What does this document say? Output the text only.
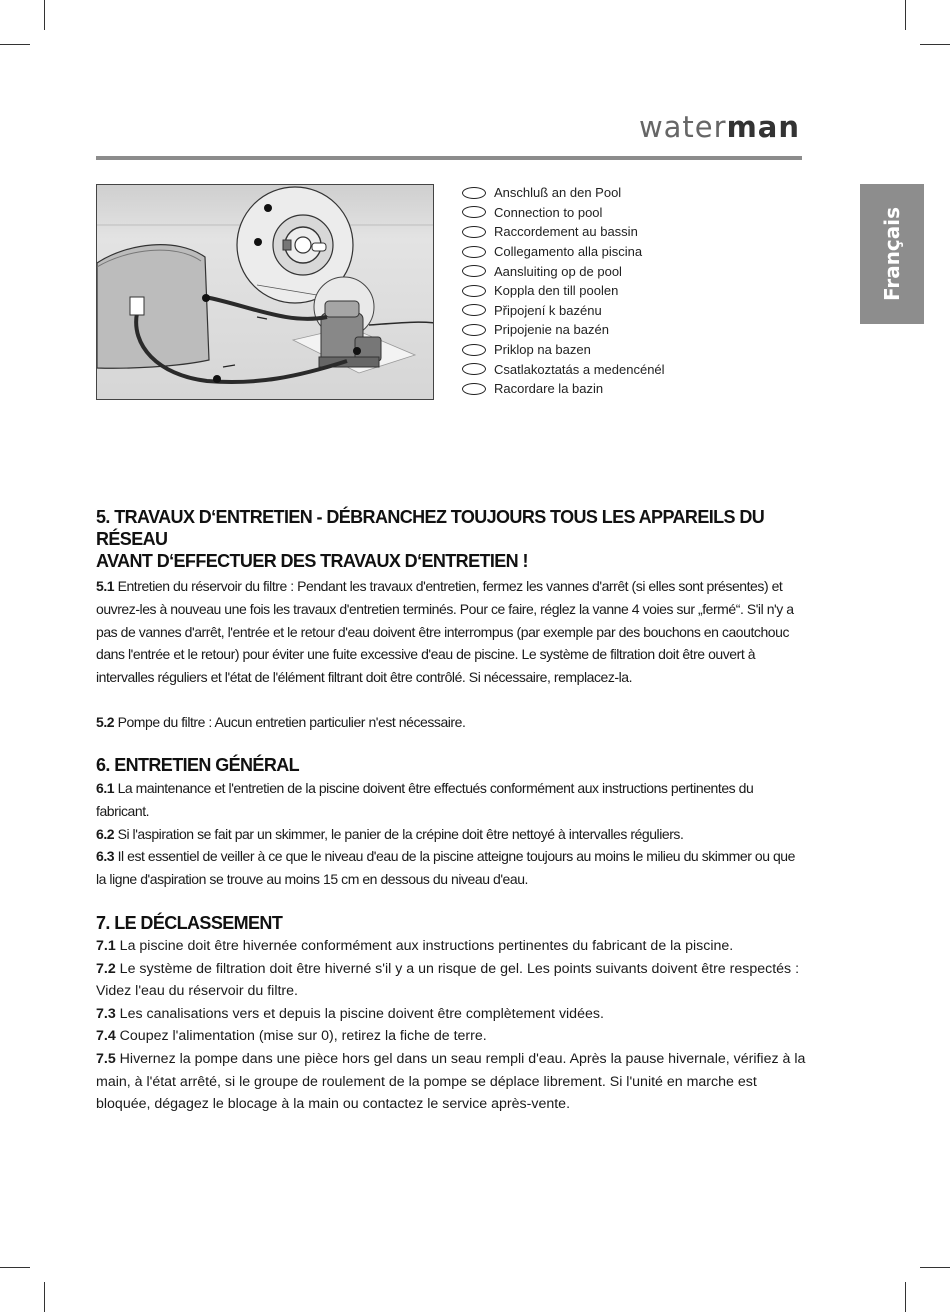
waterman
Français
Anschluß an den Pool
Connection to pool
Raccordement au bassin
Collegamento alla piscina
Aansluiting op de pool
Koppla den till poolen
Připojení k bazénu
Pripojenie na bazén
Priklop na bazen
Csatlakoztatás a medencénél
Racordare la bazin
5. TRAVAUX D‘ENTRETIEN - DÉBRANCHEZ TOUJOURS TOUS LES APPAREILS DU RÉSEAU
AVANT D‘EFFECTUER DES TRAVAUX D‘ENTRETIEN !

5.1 Entretien du réservoir du filtre : Pendant les travaux d'entretien, fermez les vannes d'arrêt (si elles sont présentes) et ouvrez-les à nouveau une fois les travaux d'entretien terminés. Pour ce faire, réglez la vanne 4 voies sur „fermé“. S'il n'y a pas de vannes d'arrêt, l'entrée et le retour d'eau doivent être interrompus (par exemple par des bouchons en caoutchouc dans l'entrée et le retour) pour éviter une fuite excessive d'eau de piscine. Le système de filtration doit être ouvert à intervalles réguliers et l'état de l'élément filtrant doit être contrôlé. Si nécessaire, remplacez-la.

5.2 Pompe du filtre : Aucun entretien particulier n'est nécessaire.

6. ENTRETIEN GÉNÉRAL

6.1 La maintenance et l'entretien de la piscine doivent être effectués conformément aux instructions pertinentes du fabricant.

6.2 Si l'aspiration se fait par un skimmer, le panier de la crépine doit être nettoyé à intervalles réguliers.

6.3 Il est essentiel de veiller à ce que le niveau d'eau de la piscine atteigne toujours au moins le milieu du skimmer ou que la ligne d'aspiration se trouve au moins 15 cm en dessous du niveau d'eau.

7. LE DÉCLASSEMENT

7.1 La piscine doit être hivernée conformément aux instructions pertinentes du fabricant de la piscine.

7.2 Le système de filtration doit être hiverné s'il y a un risque de gel. Les points suivants doivent être respectés : Videz l'eau du réservoir du filtre.

7.3 Les canalisations vers et depuis la piscine doivent être complètement vidées.

7.4 Coupez l'alimentation (mise sur 0), retirez la fiche de terre.

7.5 Hivernez la pompe dans une pièce hors gel dans un seau rempli d'eau. Après la pause hivernale, vérifiez à la main, à l'état arrêté, si le groupe de roulement de la pompe se déplace librement. Si l'unité en marche est bloquée, dégagez le blocage à la main ou contactez le service après-vente.
